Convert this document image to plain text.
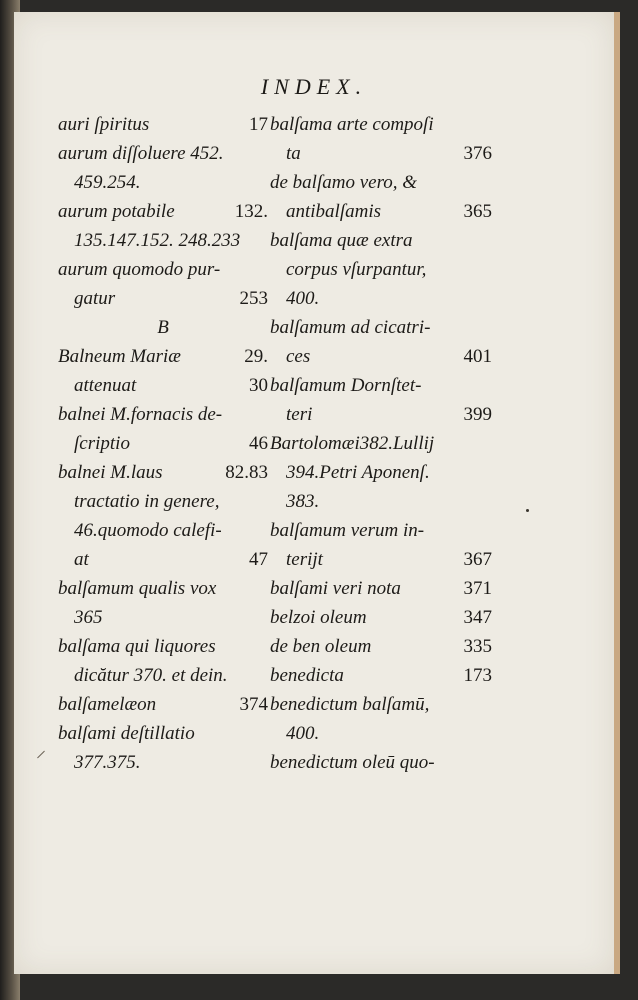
INDEX.
auri ſpiritus	17
aurum diſſoluere 452.
459.254.
aurum potabile	132.
135.147.152. 248.233
aurum quomodo pur-
gatur	253
B
Balneum Mariæ	29.
attenuat	30
balnei M.fornacis de-
ſcriptio	46
balnei M.laus	82.83
tractatio in genere,
46.quomodo calefi-
at	47
balſamum qualis vox
365
balſama qui liquores
dicătur 370. et dein.
balſamelæon	374
balſami deſtillatio
377.375.
balſama arte compoſi
ta	376
de balſamo vero, &
antibalſamis	365
balſama quæ extra
corpus vſurpantur,
400.
balſamum ad cicatri-
ces	401
balſamum Dornſtet-
teri	399
Bartolomæi382.Lullij
394.Petri Aponenſ.
383.
balſamum verum in-
terijt	367
balſami veri nota	371
belzoi oleum	347
de ben oleum	335
benedicta	173
benedictum balſamū,
400.
benedictum oleū quo-
